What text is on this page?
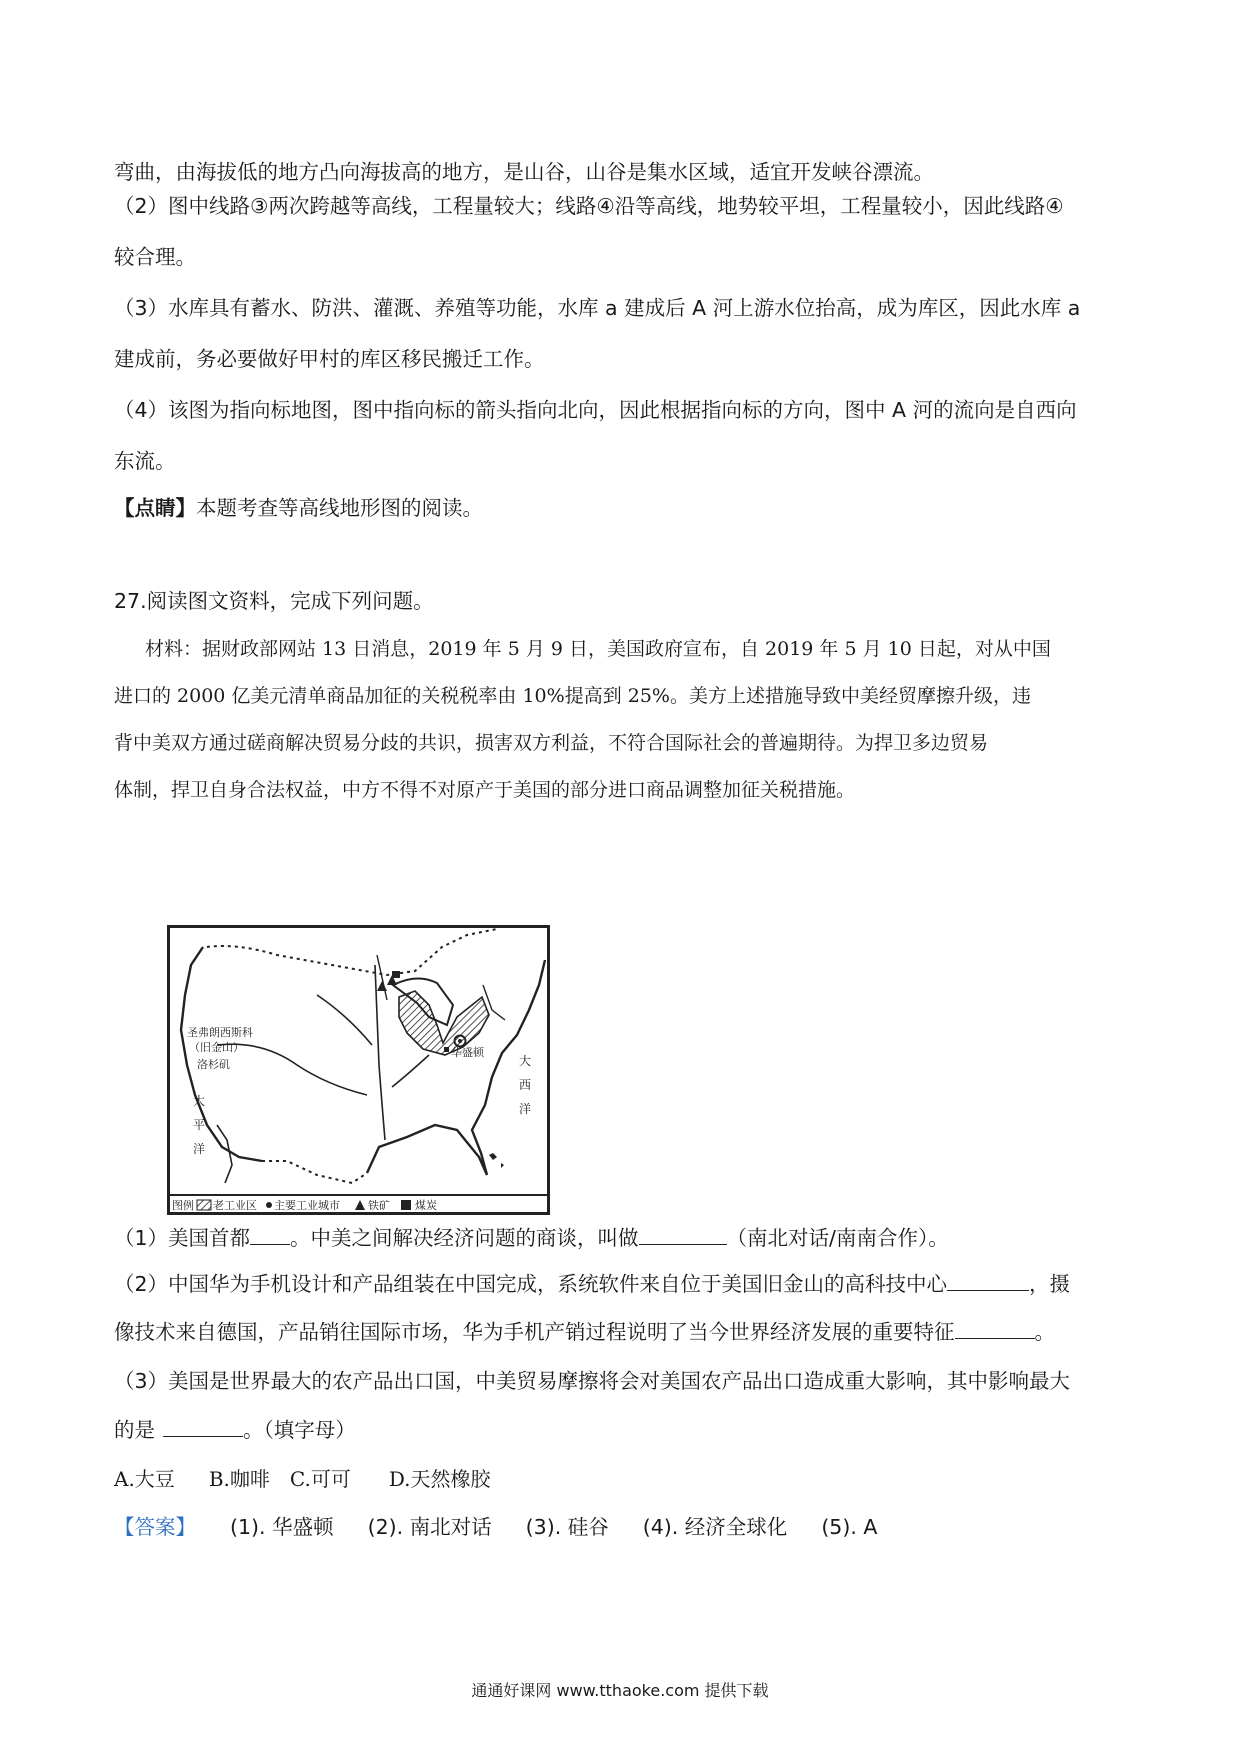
弯曲，由海拔低的地方凸向海拔高的地方，是山谷，山谷是集水区域，适宜开发峡谷漂流。
（2）图中线路③两次跨越等高线，工程量较大；线路④沿等高线，地势较平坦，工程量较小，因此线路④
较合理。
（3）水库具有蓄水、防洪、灌溉、养殖等功能，水库 a 建成后 A 河上游水位抬高，成为库区，因此水库 a
建成前，务必要做好甲村的库区移民搬迁工作。
（4）该图为指向标地图，图中指向标的箭头指向北向，因此根据指向标的方向，图中 A 河的流向是自西向
东流。
【点睛】本题考查等高线地形图的阅读。
27.阅读图文资料，完成下列问题。
材料：据财政部网站 13 日消息，2019 年 5 月 9 日，美国政府宣布，自 2019 年 5 月 10 日起，对从中国
进口的 2000 亿美元清单商品加征的关税税率由 10%提高到 25%。美方上述措施导致中美经贸摩擦升级，违
背中美双方通过磋商解决贸易分歧的共识，损害双方利益，不符合国际社会的普遍期待。为捍卫多边贸易
体制，捍卫自身合法权益，中方不得不对原产于美国的部分进口商品调整加征关税措施。
圣弗朗西斯科
（旧金山）
洛杉矶
华盛顿
太
平
洋
大
西
洋
图例 老工业区 主要工业城市	铁矿 煤炭
（1）美国首都 。中美之间解决经济问题的商谈，叫做	（南北对话/南南合作）。
（2）中国华为手机设计和产品组装在中国完成，系统软件来自位于美国旧金山的高科技中心	，摄
像技术来自德国，产品销往国际市场，华为手机产销过程说明了当今世界经济发展的重要特征	。
（3）美国是世界最大的农产品出口国，中美贸易摩擦将会对美国农产品出口造成重大影响，其中影响最大
的是	。（填字母）
A.大豆 B.咖啡 C.可可 D.天然橡胶
【答案】 (1). 华盛顿 (2). 南北对话 (3). 硅谷 (4). 经济全球化 (5). A
通通好课网 www.tthaoke.com 提供下载
